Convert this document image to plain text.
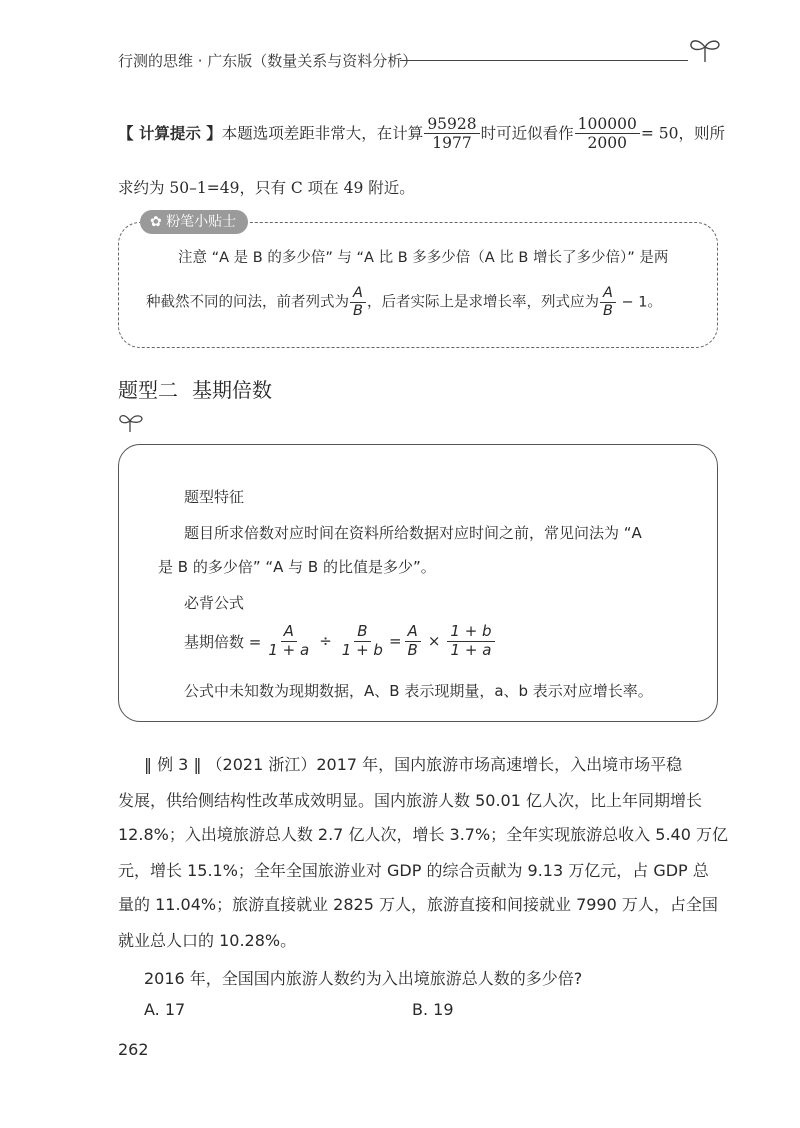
行测的思维 · 广东版（数量关系与资料分析）
【 计算提示 】本题选项差距非常大，在计算 $\frac{95928}{1977}$ 时可近似看作 $\frac{100000}{2000} = 50$，则所
求约为 50–1=49，只有 C 项在 49 附近。
✿ 粉笔小贴士
注意 “A 是 B 的多少倍” 与 “A 比 B 多多少倍（A 比 B 增长了多少倍）” 是两
种截然不同的问法，前者列式为 $\frac{A}{B}$ ，后者实际上是求增长率，列式应为 $\frac{A}{B} - 1$。
题型二 基期倍数
题型特征
题目所求倍数对应时间在资料所给数据对应时间之前，常见问法为 “A
是 B 的多少倍” “A 与 B 的比值是多少”。
必背公式
基期倍数 = $\frac{A}{1 + a} \div \frac{B}{1 + b} = \frac{A}{B} \times \frac{1 + b}{1 + a}$
公式中未知数为现期数据，A、B 表示现期量，a、b 表示对应增长率。
‖ 例 3 ‖ （2021 浙江）2017 年，国内旅游市场高速增长，入出境市场平稳
发展，供给侧结构性改革成效明显。国内旅游人数 50.01 亿人次，比上年同期增长
12.8%；入出境旅游总人数 2.7 亿人次，增长 3.7%；全年实现旅游总收入 5.40 万亿
元，增长 15.1%；全年全国旅游业对 GDP 的综合贡献为 9.13 万亿元，占 GDP 总
量的 11.04%；旅游直接就业 2825 万人，旅游直接和间接就业 7990 万人，占全国
就业总人口的 10.28%。
2016 年，全国国内旅游人数约为入出境旅游总人数的多少倍?
A. 17	B. 19
262
